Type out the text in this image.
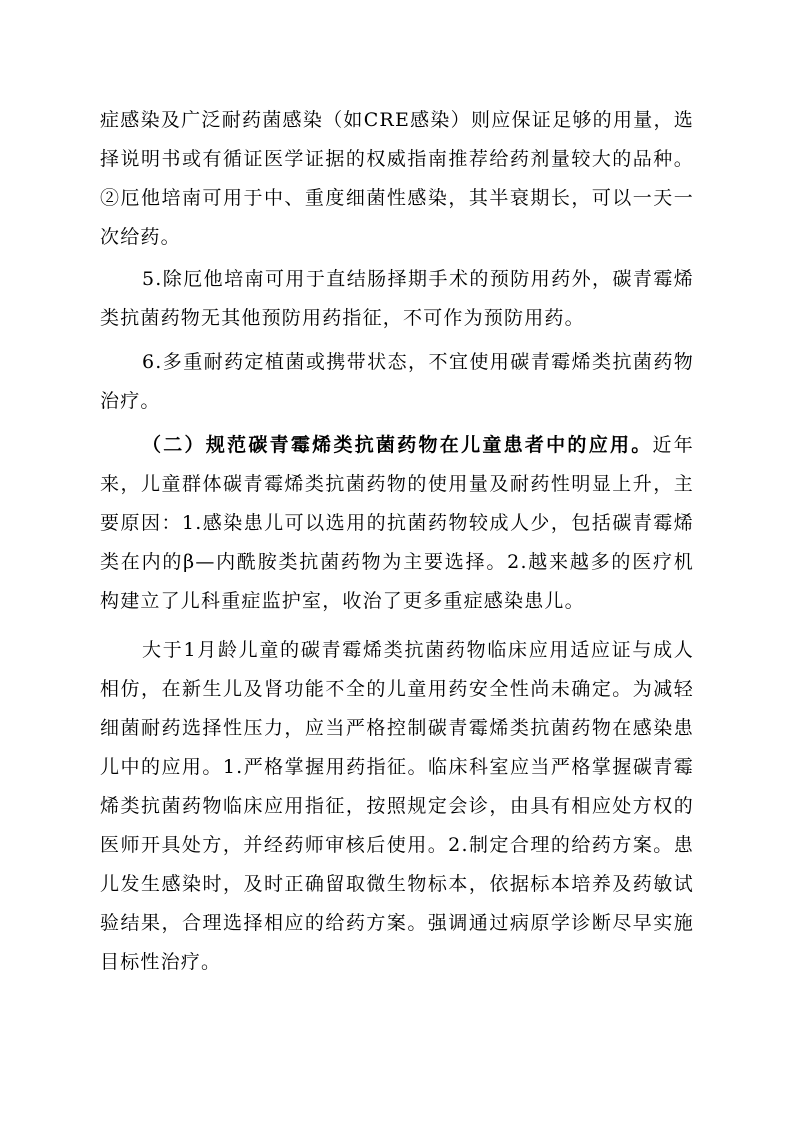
症感染及广泛耐药菌感染（如CRE感染）则应保证足够的用量，选择说明书或有循证医学证据的权威指南推荐给药剂量较大的品种。②厄他培南可用于中、重度细菌性感染，其半衰期长，可以一天一次给药。

5.除厄他培南可用于直结肠择期手术的预防用药外，碳青霉烯类抗菌药物无其他预防用药指征，不可作为预防用药。

6.多重耐药定植菌或携带状态，不宜使用碳青霉烯类抗菌药物治疗。

（二）规范碳青霉烯类抗菌药物在儿童患者中的应用。近年来，儿童群体碳青霉烯类抗菌药物的使用量及耐药性明显上升，主要原因：1.感染患儿可以选用的抗菌药物较成人少，包括碳青霉烯类在内的β—内酰胺类抗菌药物为主要选择。2.越来越多的医疗机构建立了儿科重症监护室，收治了更多重症感染患儿。

大于1月龄儿童的碳青霉烯类抗菌药物临床应用适应证与成人相仿，在新生儿及肾功能不全的儿童用药安全性尚未确定。为减轻细菌耐药选择性压力，应当严格控制碳青霉烯类抗菌药物在感染患儿中的应用。1.严格掌握用药指征。临床科室应当严格掌握碳青霉烯类抗菌药物临床应用指征，按照规定会诊，由具有相应处方权的医师开具处方，并经药师审核后使用。2.制定合理的给药方案。患儿发生感染时，及时正确留取微生物标本，依据标本培养及药敏试验结果，合理选择相应的给药方案。强调通过病原学诊断尽早实施目标性治疗。
